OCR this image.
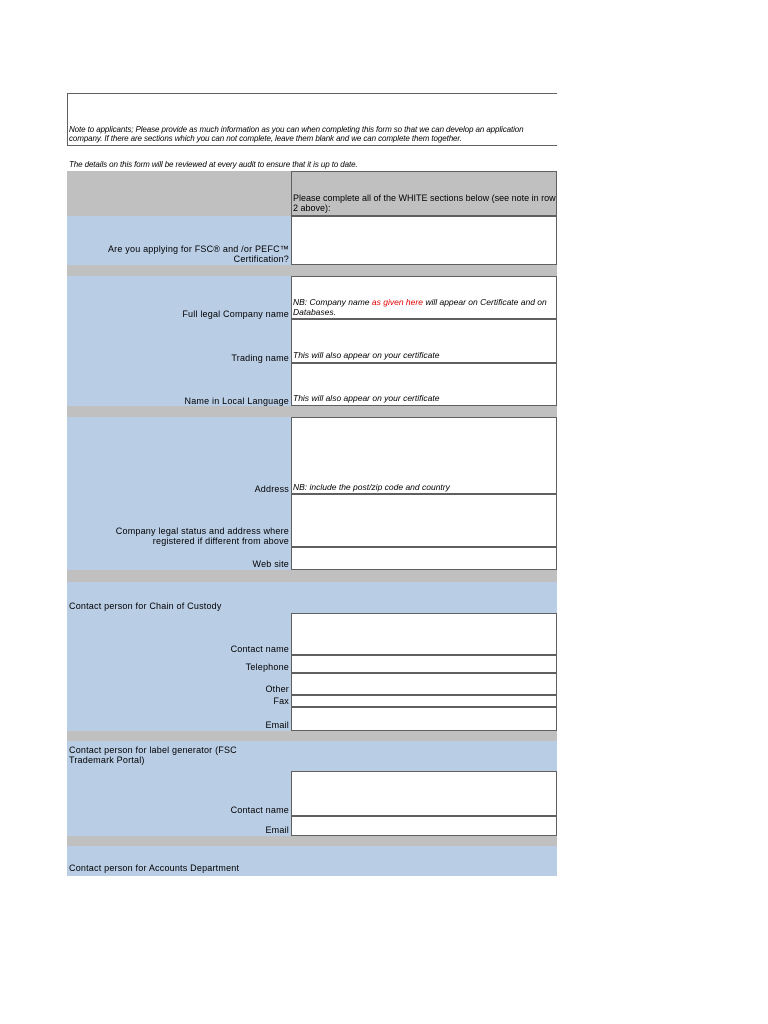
Note to applicants; Please provide as much information as you can when completing this form so that we can develop an application
company. If there are sections which you can not complete, leave them blank and we can complete them together.
The details on this form will be reviewed at every audit to ensure that it is up to date.
Please complete all of the WHITE sections below (see note in row 2 above):
Are you applying for FSC® and /or PEFC™ Certification?
Full legal Company name
NB: Company name as given here will appear on Certificate and on
Databases.
Trading name This will also appear on your certificate
Name in Local Language This will also appear on your certificate
Address NB: include the post/zip code and country
Company legal status and address where registered if different from above
Web site
Contact person for Chain of Custody
Contact name
Telephone
Other
Fax
Email
Contact person for label generator (FSC
Trademark Portal)
Contact name
Email
Contact person for Accounts Department
